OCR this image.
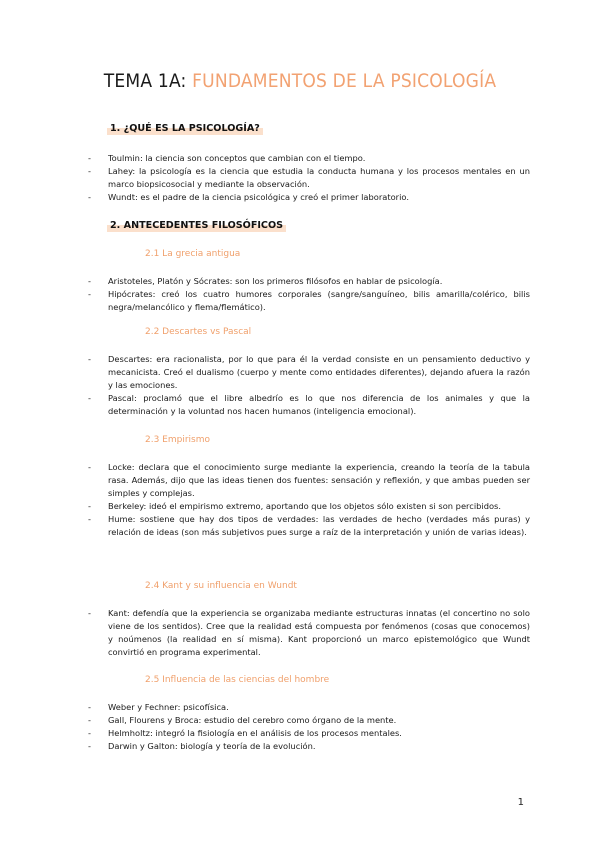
TEMA 1A: FUNDAMENTOS DE LA PSICOLOGÍA
1. ¿QUÉ ES LA PSICOLOGÍA?
- Toulmin: la ciencia son conceptos que cambian con el tiempo.
- Lahey: la psicología es la ciencia que estudia la conducta humana y los procesos mentales en un marco biopsicosocial y mediante la observación.
- Wundt: es el padre de la ciencia psicológica y creó el primer laboratorio.
2. ANTECEDENTES FILOSÓFICOS
2.1 La grecia antigua
- Aristoteles, Platón y Sócrates: son los primeros filósofos en hablar de psicología.
- Hipócrates: creó los cuatro humores corporales (sangre/sanguíneo, bilis amarilla/colérico, bilis negra/melancólico y flema/flemático).
2.2 Descartes vs Pascal
- Descartes: era racionalista, por lo que para él la verdad consiste en un pensamiento deductivo y mecanicista. Creó el dualismo (cuerpo y mente como entidades diferentes), dejando afuera la razón y las emociones.
- Pascal: proclamó que el libre albedrío es lo que nos diferencia de los animales y que la determinación y la voluntad nos hacen humanos (inteligencia emocional).
2.3 Empirismo
- Locke: declara que el conocimiento surge mediante la experiencia, creando la teoría de la tabula rasa. Además, dijo que las ideas tienen dos fuentes: sensación y reflexión, y que ambas pueden ser simples y complejas.
- Berkeley: ideó el empirismo extremo, aportando que los objetos sólo existen si son percibidos.
- Hume: sostiene que hay dos tipos de verdades: las verdades de hecho (verdades más puras) y relación de ideas (son más subjetivos pues surge a raíz de la interpretación y unión de varias ideas).
2.4 Kant y su influencia en Wundt
- Kant: defendía que la experiencia se organizaba mediante estructuras innatas (el concertino no solo viene de los sentidos). Cree que la realidad está compuesta por fenómenos (cosas que conocemos) y noúmenos (la realidad en sí misma). Kant proporcionó un marco epistemológico que Wundt convirtió en programa experimental.
2.5 Influencia de las ciencias del hombre
- Weber y Fechner: psicofísica.
- Gall, Flourens y Broca: estudio del cerebro como órgano de la mente.
- Helmholtz: integró la fisiología en el análisis de los procesos mentales.
- Darwin y Galton: biología y teoría de la evolución.
1
